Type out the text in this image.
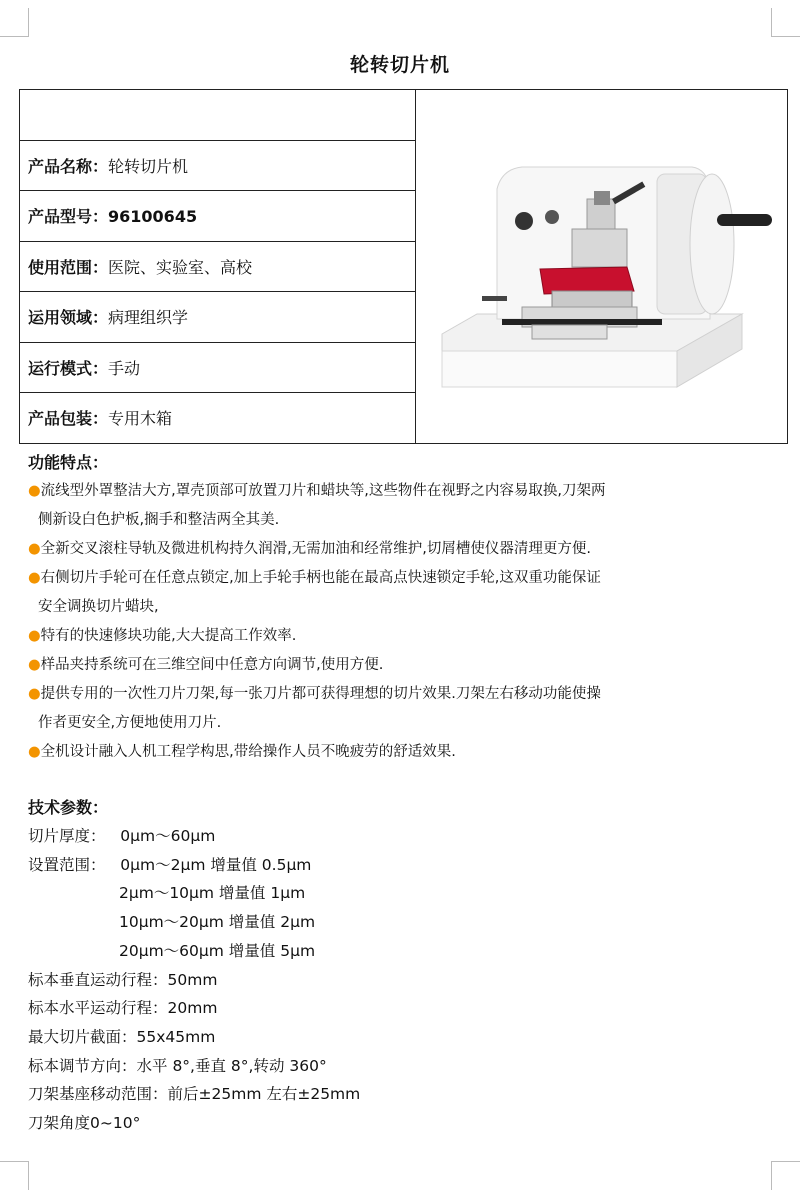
轮转切片机

产品名称：轮转切片机
产品型号：96100645
使用范围：医院、实验室、高校
运用领域：病理组织学
运行模式：手动
产品包装：专用木箱
功能特点：
●流线型外罩整洁大方,罩壳顶部可放置刀片和蜡块等,这些物件在视野之内容易取换,刀架两
侧新设白色护板,搁手和整洁两全其美.
●全新交叉滚柱导轨及微进机构持久润滑,无需加油和经常维护,切屑槽使仪器清理更方便.
●右侧切片手轮可在任意点锁定,加上手轮手柄也能在最高点快速锁定手轮,这双重功能保证
安全调换切片蜡块,
●特有的快速修块功能,大大提高工作效率.
●样品夹持系统可在三维空间中任意方向调节,使用方便.
●提供专用的一次性刀片刀架,每一张刀片都可获得理想的切片效果.刀架左右移动功能使操
作者更安全,方便地使用刀片.
●全机设计融入人机工程学构思,带给操作人员不晚疲劳的舒适效果.
技术参数：
切片厚度： 0μm～60μm
设置范围： 0μm～2μm 增量值 0.5μm
2μm～10μm 增量值 1μm
10μm～20μm 增量值 2μm
20μm～60μm 增量值 5μm
标本垂直运动行程：50mm
标本水平运动行程：20mm
最大切片截面：55x45mm
标本调节方向：水平 8°,垂直 8°,转动 360°
刀架基座移动范围：前后±25mm 左右±25mm
刀架角度0~10°
